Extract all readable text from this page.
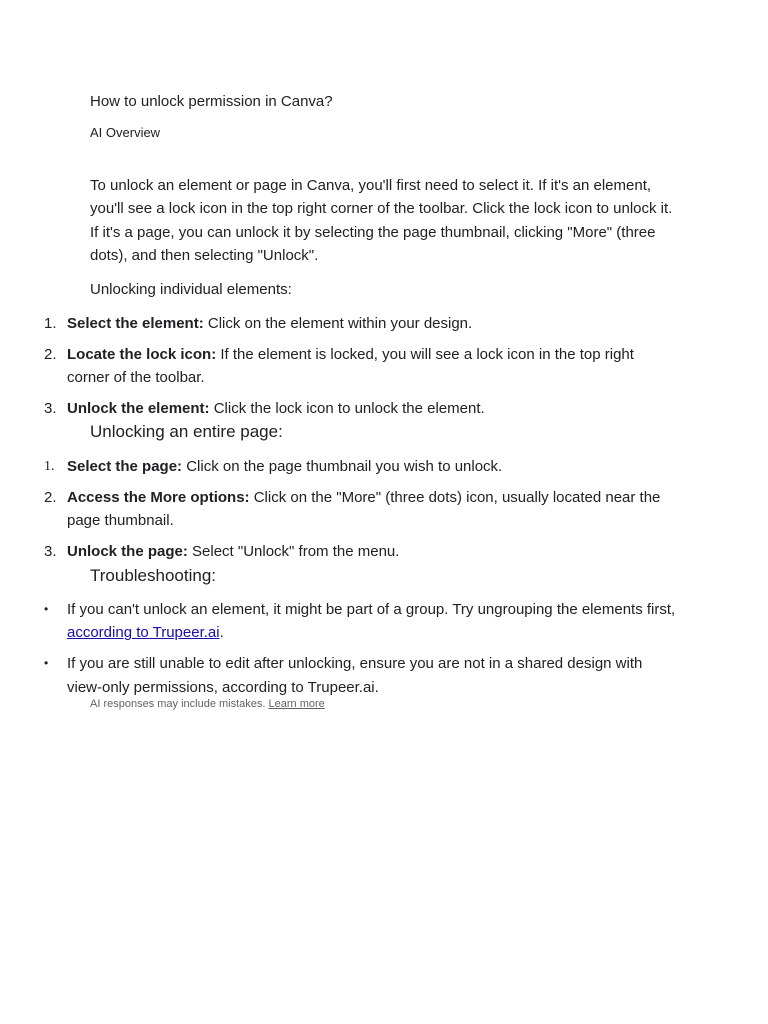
How to unlock permission in Canva?
AI Overview

To unlock an element or page in Canva, you'll first need to select it. If it's an element, you'll see a lock icon in the top right corner of the toolbar. Click the lock icon to unlock it. If it's a page, you can unlock it by selecting the page thumbnail, clicking "More" (three dots), and then selecting "Unlock".

Unlocking individual elements:
1. Select the element: Click on the element within your design.
2. Locate the lock icon: If the element is locked, you will see a lock icon in the top right corner of the toolbar.
3. Unlock the element: Click the lock icon to unlock the element.
Unlocking an entire page:
1. Select the page: Click on the page thumbnail you wish to unlock.
2. Access the More options: Click on the "More" (three dots) icon, usually located near the page thumbnail.
3. Unlock the page: Select "Unlock" from the menu.
Troubleshooting:
• If you can't unlock an element, it might be part of a group. Try ungrouping the elements first, according to Trupeer.ai.
• If you are still unable to edit after unlocking, ensure you are not in a shared design with view-only permissions, according to Trupeer.ai.
AI responses may include mistakes. Learn more
